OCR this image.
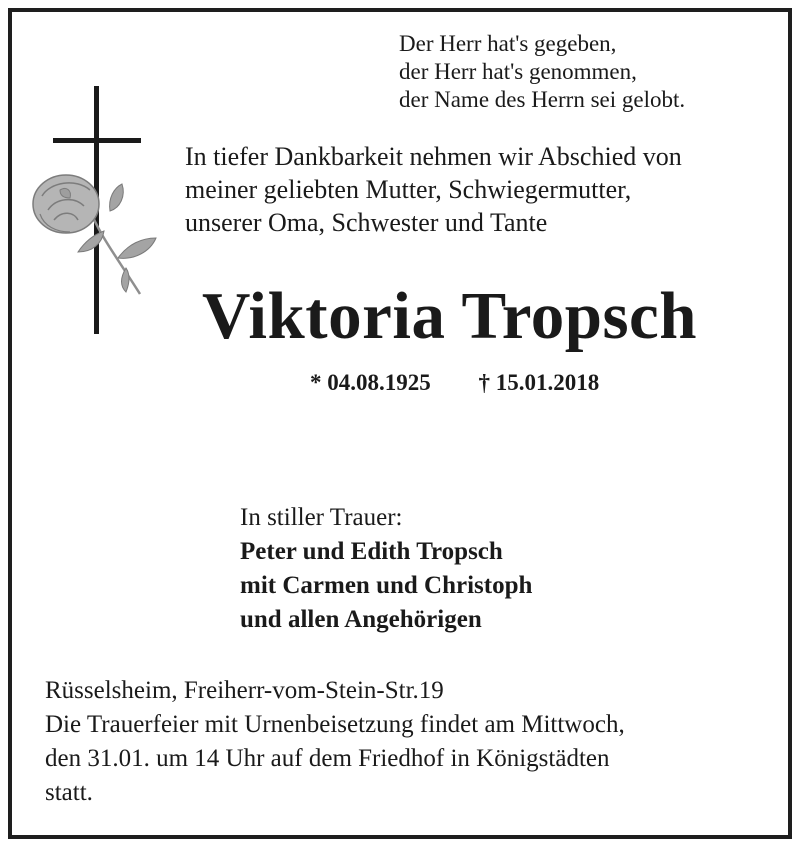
Der Herr hat's gegeben,
der Herr hat's genommen,
der Name des Herrn sei gelobt.

In tiefer Dankbarkeit nehmen wir Abschied von
meiner geliebten Mutter, Schwiegermutter,
unserer Oma, Schwester und Tante

Viktoria Tropsch
* 04.08.1925 † 15.01.2018
In stiller Trauer:
Peter und Edith Tropsch
mit Carmen und Christoph
und allen Angehörigen
Rüsselsheim, Freiherr-vom-Stein-Str.19
Die Trauerfeier mit Urnenbeisetzung findet am Mittwoch,
den 31.01. um 14 Uhr auf dem Friedhof in Königstädten
statt.
